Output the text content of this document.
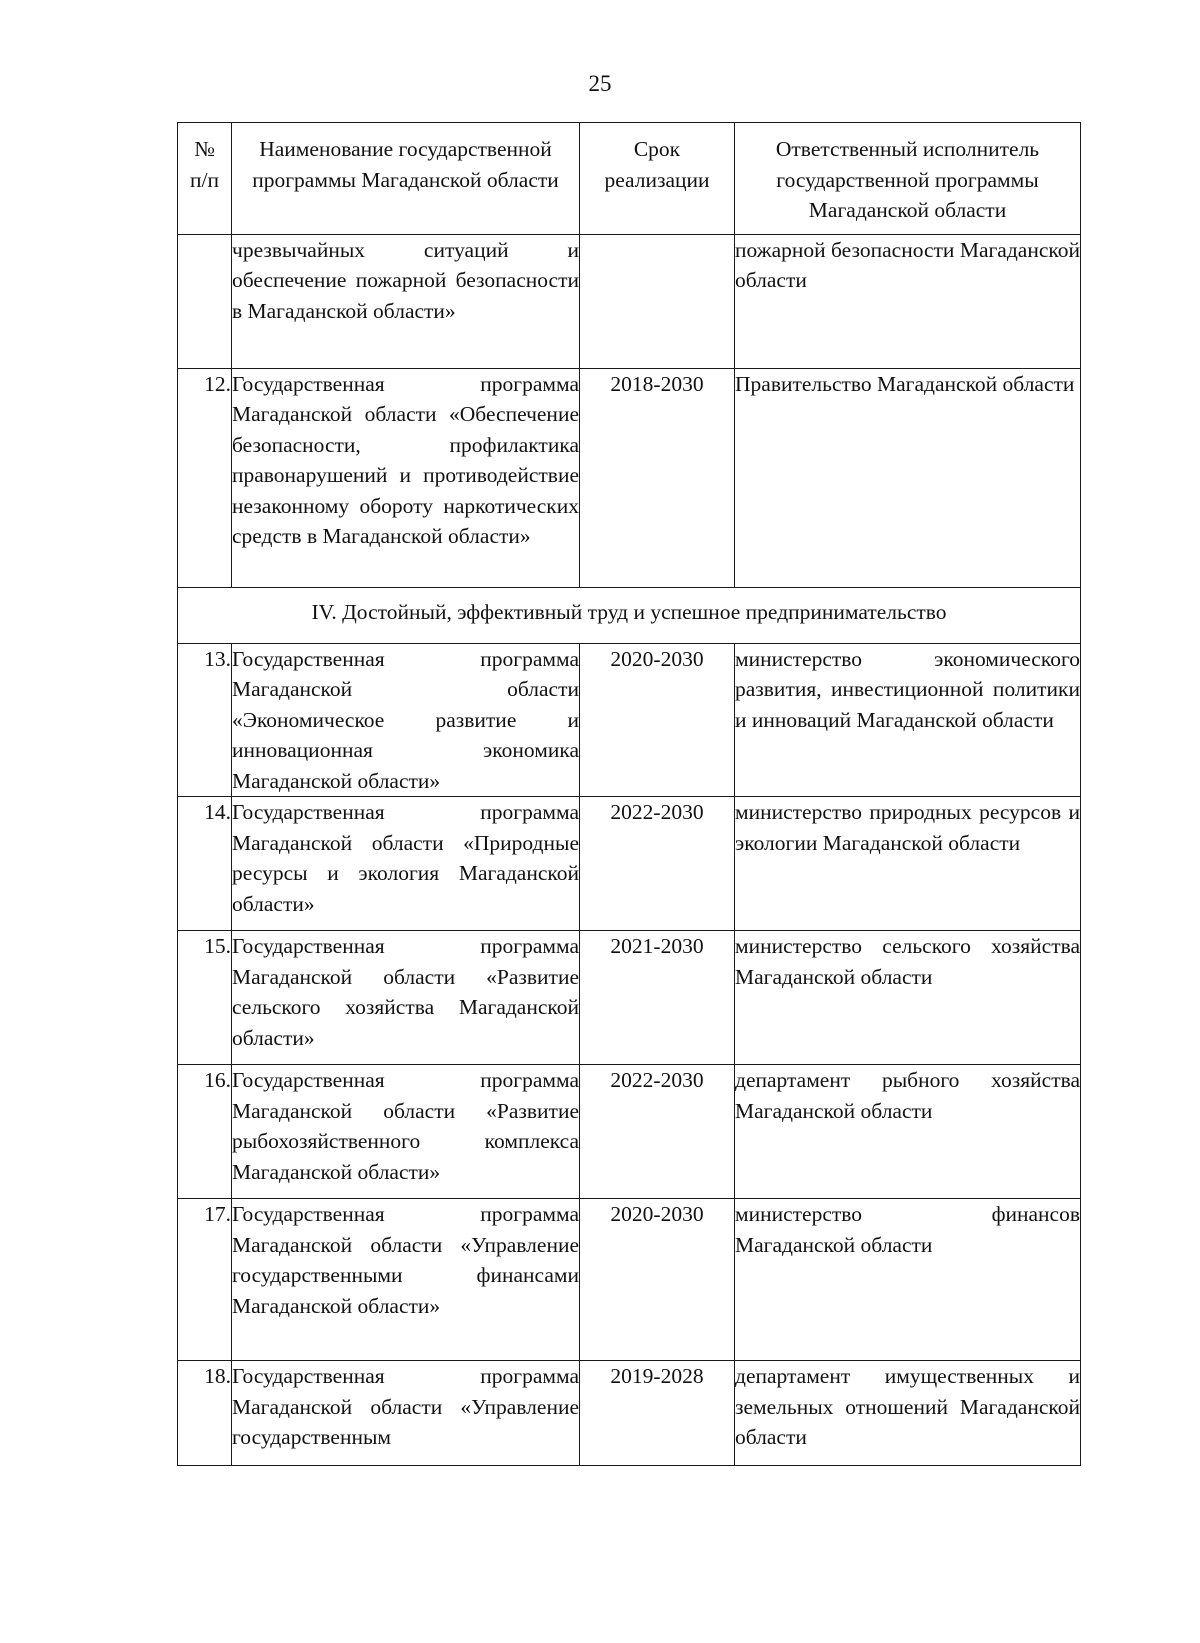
25
№ п/п	Наименование государственной программы Магаданской области	Срок реализации	Ответственный исполнитель государственной программы Магаданской области

	чрезвычайных ситуаций и обеспечение пожарной безопасности в Магаданской области»		пожарной безопасности Магаданской области
12.	Государственная программа Магаданской области «Обеспечение безопасности, профилактика правонарушений и противодействие незаконному обороту наркотических средств в Магаданской области»	2018-2030	Правительство Магаданской области
IV. Достойный, эффективный труд и успешное предпринимательство			
13.	Государственная программа Магаданской области «Экономическое развитие и инновационная экономика Магаданской области»	2020-2030	министерство экономического развития, инвестиционной политики и инноваций Магаданской области
14.	Государственная программа Магаданской области «Природные ресурсы и экология Магаданской области»	2022-2030	министерство природных ресурсов и экологии Магаданской области
15.	Государственная программа Магаданской области «Развитие сельского хозяйства Магаданской области»	2021-2030	министерство сельского хозяйства Магаданской области
16.	Государственная программа Магаданской области «Развитие рыбохозяйственного комплекса Магаданской области»	2022-2030	департамент рыбного хозяйства Магаданской области
17.	Государственная программа Магаданской области «Управление государственными финансами Магаданской области»	2020-2030	министерство финансов Магаданской области
18.	Государственная программа Магаданской области «Управление государственным	2019-2028	департамент имущественных и земельных отношений Магаданской области
